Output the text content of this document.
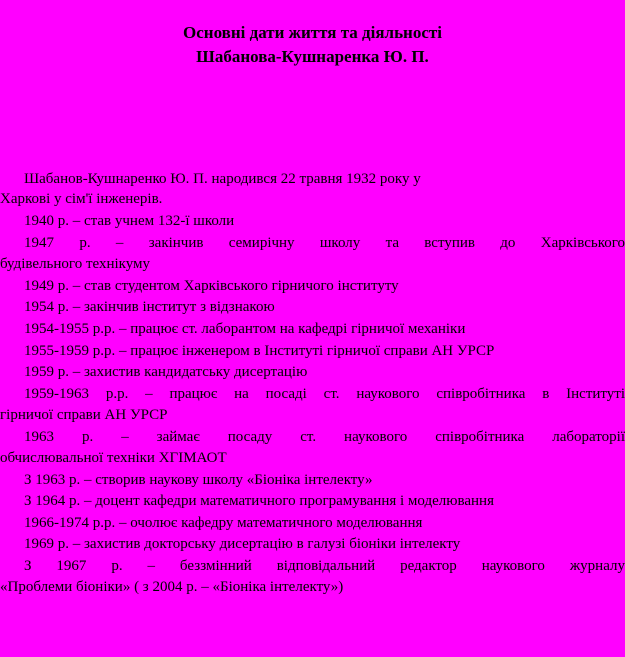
Основні дати життя та діяльності
Шабанова-Кушнаренка Ю. П.
Шабанов-Кушнаренко Ю. П. народився 22 травня 1932 року у
Харкові у сім'ї інженерів.
1940 р. – став учнем 132-ї школи
1947 р. – закінчив семирічну школу та вступив до Харківського
будівельного технікуму
1949 р. – став студентом Харківського гірничого інституту
1954 р. – закінчив інститут з відзнакою
1954-1955 р.р. – працює ст. лаборантом на кафедрі гірничої механіки
1955-1959 р.р. – працює інженером в Інституті гірничої справи АН УРСР
1959 р. – захистив кандидатську дисертацію
1959-1963 р.р. – працює на посаді ст. наукового співробітника в Інституті
гірничої справи АН УРСР
1963 р. – займає посаду ст. наукового співробітника лабораторії
обчислювальної техніки ХГІМАОТ
З 1963 р. – створив наукову школу «Біоніка інтелекту»
З 1964 р. – доцент кафедри математичного програмування і моделювання
1966-1974 р.р. – очолює кафедру математичного моделювання
1969 р. – захистив докторську дисертацію в галузі біоніки інтелекту
З 1967 р. – беззмінний відповідальний редактор наукового журналу
«Проблеми біоніки» ( з 2004 р. – «Біоніка інтелекту»)
